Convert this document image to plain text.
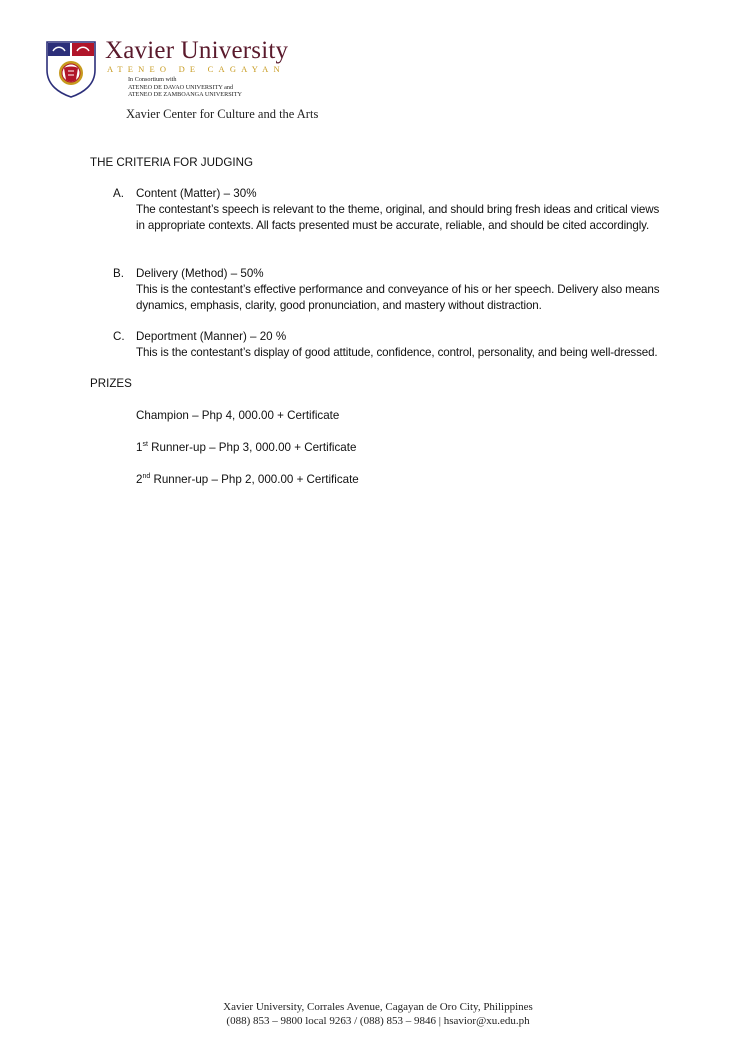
Xavier University
ATENEO DE CAGAYAN
In Consortium with
ATENEO DE DAVAO UNIVERSITY and
ATENEO DE ZAMBOANGA UNIVERSITY
Xavier Center for Culture and the Arts
THE CRITERIA FOR JUDGING
A. Content (Matter) – 30%
The contestant’s speech is relevant to the theme, original, and should bring fresh ideas and critical views in appropriate contexts. All facts presented must be accurate, reliable, and should be cited accordingly.
B. Delivery (Method) – 50%
This is the contestant’s effective performance and conveyance of his or her speech. Delivery also means dynamics, emphasis, clarity, good pronunciation, and mastery without distraction.
C. Deportment (Manner) – 20 %
This is the contestant’s display of good attitude, confidence, control, personality, and being well-dressed.
PRIZES
Champion – Php 4, 000.00 + Certificate
1st Runner-up – Php 3, 000.00 + Certificate
2nd Runner-up – Php 2, 000.00 + Certificate
Xavier University, Corrales Avenue, Cagayan de Oro City, Philippines
(088) 853 – 9800 local 9263 / (088) 853 – 9846 | hsavior@xu.edu.ph
